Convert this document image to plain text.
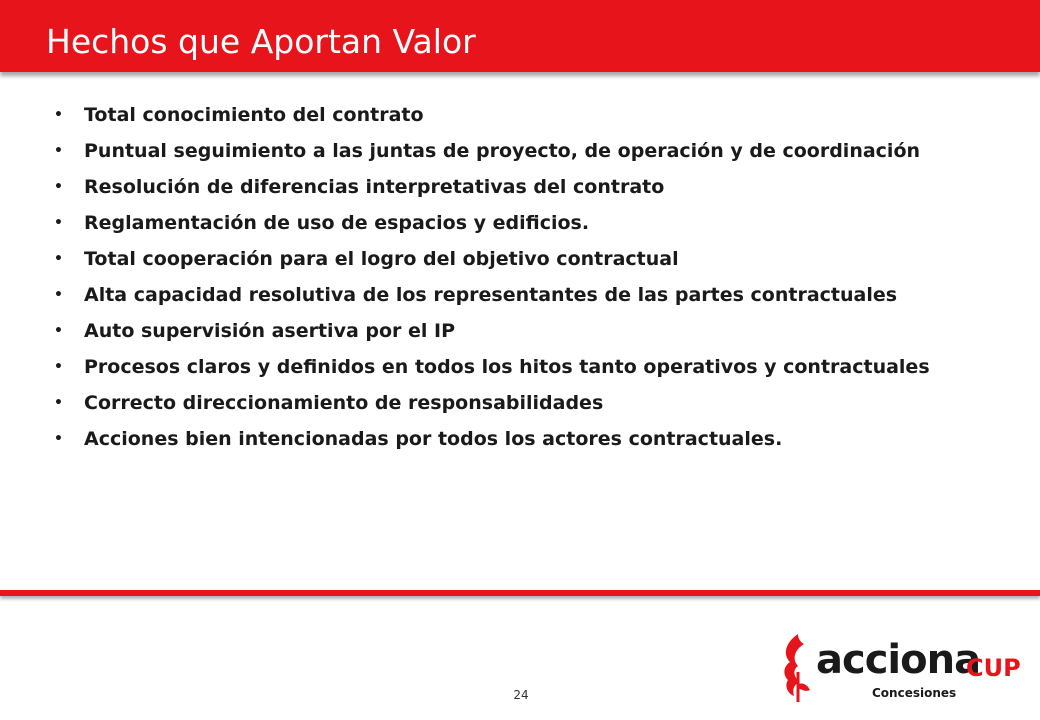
Hechos que Aportan Valor
• Total conocimiento del contrato
• Puntual seguimiento a las juntas de proyecto, de operación y de coordinación
• Resolución de diferencias interpretativas del contrato
• Reglamentación de uso de espacios y edificios.
• Total cooperación para el logro del objetivo contractual
• Alta capacidad resolutiva de los representantes de las partes contractuales
• Auto supervisión asertiva por el IP
• Procesos claros y definidos en todos los hitos tanto operativos y contractuales
• Correcto direccionamiento de responsabilidades
• Acciones bien intencionadas por todos los actores contractuales.
24
acciona
Concesiones
CUP
